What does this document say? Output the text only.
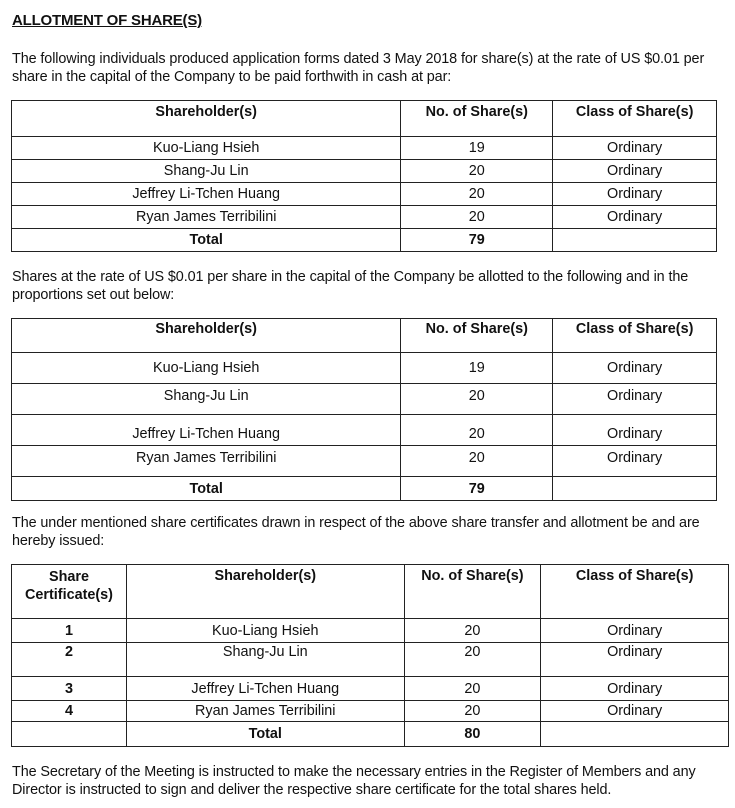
ALLOTMENT OF SHARE(S)
The following individuals produced application forms dated 3 May 2018 for share(s) at the rate of US $0.01 per share in the capital of the Company to be paid forthwith in cash at par:
Shareholder(s)	No. of Share(s)	Class of Share(s)
Kuo-Liang Hsieh	19	Ordinary
Shang-Ju Lin	20	Ordinary
Jeffrey Li-Tchen Huang	20	Ordinary
Ryan James Terribilini	20	Ordinary
Total	79	
Shares at the rate of US $0.01 per share in the capital of the Company be allotted to the following and in the proportions set out below:
Shareholder(s)	No. of Share(s)	Class of Share(s)
Kuo-Liang Hsieh	19	Ordinary
Shang-Ju Lin	20	Ordinary
Jeffrey Li-Tchen Huang	20	Ordinary
Ryan James Terribilini	20	Ordinary
Total	79	
The under mentioned share certificates drawn in respect of the above share transfer and allotment be and are hereby issued:
Share Certificate(s)	Shareholder(s)	No. of Share(s)	Class of Share(s)
1	Kuo-Liang Hsieh	20	Ordinary
2	Shang-Ju Lin	20	Ordinary
3	Jeffrey Li-Tchen Huang	20	Ordinary
4	Ryan James Terribilini	20	Ordinary
	Total	80	
The Secretary of the Meeting is instructed to make the necessary entries in the Register of Members and any Director is instructed to sign and deliver the respective share certificate for the total shares held.
